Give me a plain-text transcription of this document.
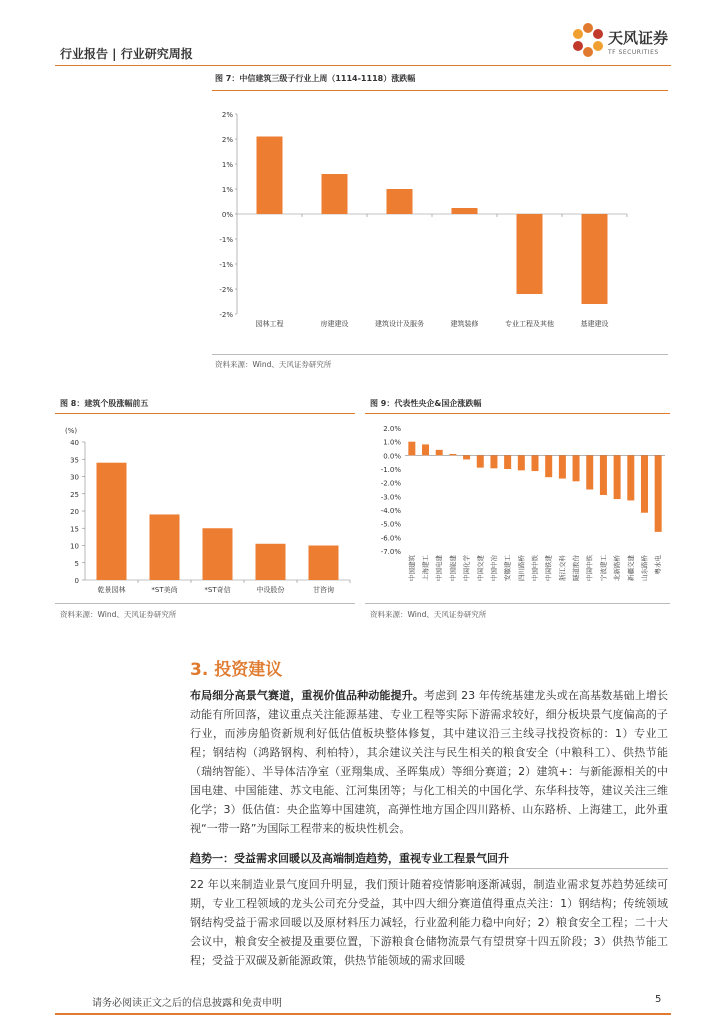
行业报告 | 行业研究周报
天风证券
TF SECURITIES
图 7：中信建筑三级子行业上周（1114-1118）涨跌幅
2%
2%
1%
1%
0%
-1%
-1%
-2%
-2%
园林工程	房建建设	建筑设计及服务	建筑装修	专业工程及其他	基建建设
资料来源：Wind、天风证券研究所
图 8：建筑个股涨幅前五
(%)
40
35
30
25
20
15
10
5
0
乾景园林	*ST美尚	*ST奇信	中设股份	甘咨询
资料来源：Wind、天风证券研究所
图 9：代表性央企&国企涨跌幅
2.0%
1.0%
0.0%
-1.0%
-2.0%
-3.0%
-4.0%
-5.0%
-6.0%
-7.0%
中国建筑 上海建工 中国电建 中国能建 中国化学 中国交建 中国中冶 安徽建工 四川路桥 中国中铁 中国铁建 浙江交科 隧道股份 中国中铁 宁波建工 北新路桥 新疆交建 山东路桥 粤水电
资料来源：Wind、天风证券研究所
3. 投资建议
布局细分高景气赛道，重视价值品种动能提升。考虑到 23 年传统基建龙头或在高基数基础上增长动能有所回落，建议重点关注能源基建、专业工程等实际下游需求较好，细分板块景气度偏高的子行业，而涉房船资新规利好低估值板块整体修复，其中建议沿三主线寻找投资标的：1）专业工程；钢结构（鸿路钢构、利柏特），其余建议关注与民生相关的粮食安全（中粮科工）、供热节能（瑞纳智能）、半导体洁净室（亚翔集成、圣晖集成）等细分赛道；2）建筑+：与新能源相关的中国电建、中国能建、苏文电能、江河集团等；与化工相关的中国化学、东华科技等，建议关注三维化学；3）低估值：央企监筹中国建筑，高弹性地方国企四川路桥、山东路桥、上海建工，此外重视“一带一路”为国际工程带来的板块性机会。
趋势一：受益需求回暖以及高端制造趋势，重视专业工程景气回升
22 年以来制造业景气度回升明显，我们预计随着疫情影响逐渐减弱，制造业需求复苏趋势延续可期，专业工程领域的龙头公司充分受益，其中四大细分赛道值得重点关注：1）钢结构；传统领域钢结构受益于需求回暖以及原材料压力减轻，行业盈利能力稳中向好；2）粮食安全工程；二十大会议中，粮食安全被提及重要位置，下游粮食仓储物流景气有望贯穿十四五阶段；3）供热节能工程；受益于双碳及新能源政策，供热节能领域的需求回暖
请务必阅读正文之后的信息披露和免责申明	5
